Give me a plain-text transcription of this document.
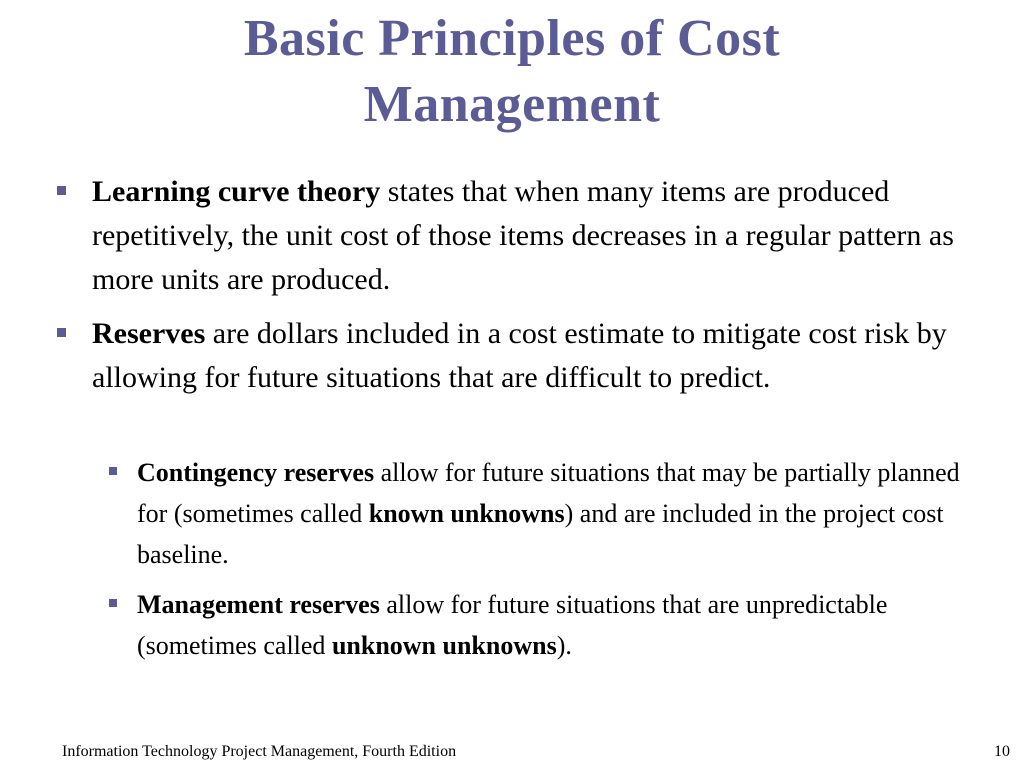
Basic Principles of Cost
Management
Learning curve theory states that when many items are produced repetitively, the unit cost of those items decreases in a regular pattern as more units are produced.
Reserves are dollars included in a cost estimate to mitigate cost risk by allowing for future situations that are difficult to predict.
Contingency reserves allow for future situations that may be partially planned for (sometimes called known unknowns) and are included in the project cost baseline.
Management reserves allow for future situations that are unpredictable (sometimes called unknown unknowns).
Information Technology Project Management, Fourth Edition	10
